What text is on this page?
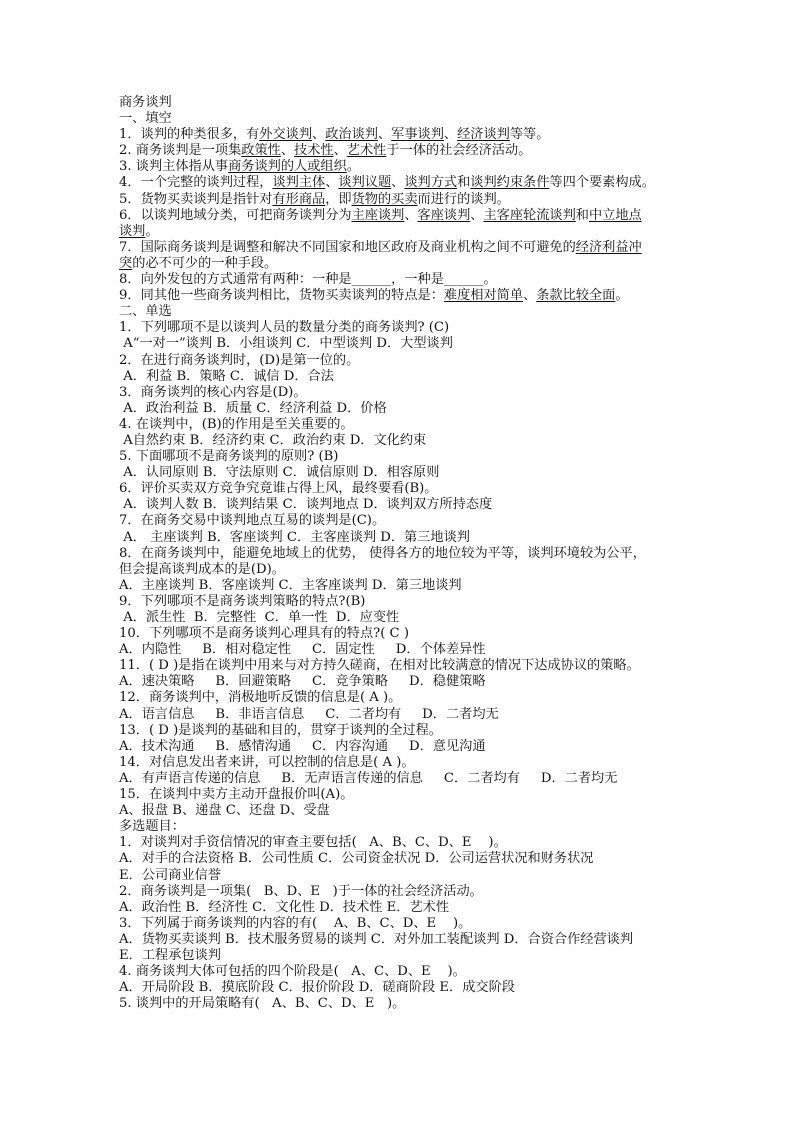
商务谈判
一、填空
1．谈判的种类很多，有外交谈判、政治谈判、军事谈判、经济谈判等等。
2. 商务谈判是一项集政策性、技术性、艺术性于一体的社会经济活动。
3. 谈判主体指从事商务谈判的人或组织。
4．一个完整的谈判过程，谈判主体、谈判议题、谈判方式和谈判约束条件等四个要素构成。
5．货物买卖谈判是指针对有形商品，即货物的买卖而进行的谈判。
6．以谈判地域分类，可把商务谈判分为主座谈判、客座谈判、主客座轮流谈判和中立地点
谈判。
7．国际商务谈判是调整和解决不同国家和地区政府及商业机构之间不可避免的经济利益冲
突的必不可少的一种手段。
8．向外发包的方式通常有两种：一种是______，一种是______。
9．同其他一些商务谈判相比，货物买卖谈判的特点是：难度相对简单、条款比较全面。
二、单选
1．下列哪项不是以谈判人员的数量分类的商务谈判? (C)
A“一对一”谈判 B．小组谈判 C．中型谈判 D．大型谈判
2．在进行商务谈判时，(D)是第一位的。
A．利益 B．策略 C．诚信 D．合法
3．商务谈判的核心内容是(D)。
A．政治利益 B．质量 C．经济利益 D．价格
4. 在谈判中，(B)的作用是至关重要的。
A自然约束 B．经济约束 C．政治约束 D．文化约束
5. 下面哪项不是商务谈判的原则? (B)
A．认同原则 B．守法原则 C．诚信原则 D．相容原则
6．评价买卖双方竞争究竟谁占得上风，最终要看(B)。
A．谈判人数 B．谈判结果 C．谈判地点 D．谈判双方所持态度
7．在商务交易中谈判地点互易的谈判是(C)。
A． 主座谈判 B．客座谈判 C．主客座谈判 D．第三地谈判
8．在商务谈判中，能避免地域上的优势， 使得各方的地位较为平等，谈判环境较为公平，
但会提高谈判成本的是(D)。
A．主座谈判 B．客座谈判 C．主客座谈判 D．第三地谈判
9．下列哪项不是商务谈判策略的特点?(B)
A．派生性  B．完整性  C．单一性  D．应变性
10．下列哪项不是商务谈判心理具有的特点?( C )
A．内隐性     B．相对稳定性     C．固定性     D．个体差异性
11．( D )是指在谈判中用来与对方持久磋商，在相对比较满意的情况下达成协议的策略。
A．速决策略     B．回避策略     C．竞争策略     D．稳健策略
12．商务谈判中，消极地听反馈的信息是( A )。
A．语言信息     B．非语言信息     C．二者均有     D．二者均无
13．( D )是谈判的基础和目的，贯穿于谈判的全过程。
A．技术沟通     B．感情沟通     C．内容沟通     D．意见沟通
14．对信息发出者来讲，可以控制的信息是( A )。
A．有声语言传递的信息     B．无声语言传递的信息     C．二者均有     D．二者均无
15．在谈判中卖方主动开盘报价叫(A)。
A、报盘 B、递盘 C、还盘 D、受盘
多选题目：
1．对谈判对手资信情况的审查主要包括(   A、B、C、D、E    )。
A．对手的合法资格 B．公司性质 C．公司资金状况 D．公司运营状况和财务状况
E．公司商业信誉
2．商务谈判是一项集(   B、D、E   )于一体的社会经济活动。
A．政治性 B．经济性 C．文化性 D．技术性 E．艺术性
3．下列属于商务谈判的内容的有(    A、B、C、D、E    )。
A．货物买卖谈判 B．技术服务贸易的谈判 C．对外加工装配谈判 D．合资合作经营谈判
E．工程承包谈判
4. 商务谈判大体可包括的四个阶段是(   A、C、D、E    )。
A．开局阶段 B．摸底阶段 C．报价阶段 D．磋商阶段 E．成交阶段
5. 谈判中的开局策略有(   A、B、C、D、E   )。
